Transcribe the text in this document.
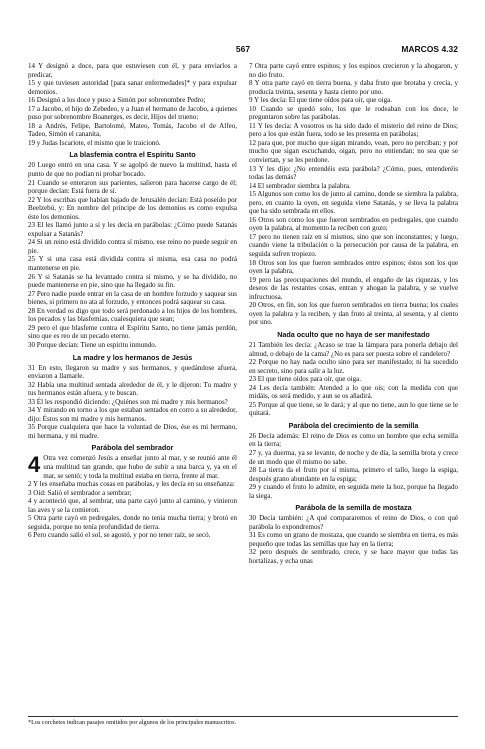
567	MARCOS 4.32

14 Y designó a doce, para que estuviesen con él, y para enviarlos a predicar,

15 y que tuviesen autoridad [para sanar enfermedades]* y para expulsar demonios.

16 Designó a los doce y puso a Simón por sobrenombre Pedro;

17 a Jacobo, el hijo de Zebedeo, y a Juan el hermano de Jacobo, a quienes puso por sobrenombre Boanerges, es decir, Hijos del trueno;

18 a Andrés, Felipe, Bartolomé, Mateo, Tomás, Jacobo el de Alfeo, Tadeo, Simón el cananita,

19 y Judas Iscariote, el mismo que le traicionó.

La blasfemia contra el Espíritu Santo

20 Luego entró en una casa. Y se agolpó de nuevo la multitud, hasta el punto de que no podían ni probar bocado.

21 Cuando se enteraron sus parientes, salieron para hacerse cargo de él; porque decían: Está fuera de sí.

22 Y los escribas que habían bajado de Jerusalén decían: Está poseído por Beelzebú, y: En nombre del príncipe de los demonios es como expulsa éste los demonios.

23 El les llamó junto a sí y les decía en parábolas: ¿Cómo puede Satanás expulsar a Satanás?

24 Si un reino está dividido contra sí mismo, ese reino no puede seguir en pie.

25 Y si una casa está dividida contra sí misma, esa casa no podrá mantenerse en pie.

26 Y si Satanás se ha levantado contra sí mismo, y se ha dividido, no puede mantenerse en pie, sino que ha llegado su fin.

27 Pero nadie puede entrar en la casa de un hombre forzudo y saquear sus bienes, si primero no ata al forzudo, y entonces podrá saquear su casa.

28 En verdad os digo que todo será perdonado a los hijos de los hombres, los pecados y las blasfemias, cualesquiera que sean;

29 pero el que blasfeme contra el Espíritu Santo, no tiene jamás perdón, sino que es reo de un pecado eterno.

30 Porque decían: Tiene un espíritu inmundo.

La madre y los hermanos de Jesús

31 En esto, llegaron su madre y sus hermanos, y quedándose afuera, enviaron a llamarle.

32 Había una multitud sentada alrededor de él, y le dijeron: Tu madre y tus hermanos están afuera, y te buscan.

33 Él les respondió diciendo: ¿Quiénes son mi madre y mis hermanos?

34 Y mirando en torno a los que estaban sentados en corro a su alrededor, dijo: Éstos son mi madre y mis hermanos.

35 Porque cualquiera que hace la voluntad de Dios, ése es mi hermano, mi hermana, y mi madre.

Parábola del sembrador

4 Otra vez comenzó Jesús a enseñar junto al mar, y se reunió ante él una multitud tan grande, que hubo de subir a una barca y, ya en el mar, se sentó; y toda la multitud estaba en tierra, frente al mar.

2 Y les enseñaba muchas cosas en parábolas, y les decía en su enseñanza:

3 Oíd: Salió el sembrador a sembrar;

4 y aconteció que, al sembrar, una parte cayó junto al camino, y vinieron las aves y se la comieron.

5 Otra parte cayó en pedregales, donde no tenía mucha tierra; y brotó en seguida, porque no tenía profundidad de tierra.

6 Pero cuando salió el sol, se agostó, y por no tener raíz, se secó.

7 Otra parte cayó entre espinos; y los espinos crecieron y la ahogaron, y no dio fruto.

8 Y otra parte cayó en tierra buena, y daba fruto que brotaba y crecía, y producía treinta, sesenta y hasta ciento por uno.

9 Y les decía: El que tiene oídos para oír, que oiga.

10 Cuando se quedó solo, los que le rodeaban con los doce, le preguntaron sobre las parábolas.

11 Y les decía: A vosotros os ha sido dado el misterio del reino de Dios; pero a los que están fuera, todo se les presenta en parábolas;

12 para que, por mucho que sigan mirando, vean, pero no perciban; y por mucho que sigan escuchando, oigan, pero no entiendan; no sea que se conviertan, y se les perdone.

13 Y les dijo: ¿No entendéis esta parábola? ¿Cómo, pues, entenderéis todas las demás?

14 El sembrador siembra la palabra.

15 Algunos son como los de junto al camino, donde se siembra la palabra, pero, en cuanto la oyen, en seguida viene Satanás, y se lleva la palabra que ha sido sembrada en ellos.

16 Otros son como los que fueron sembrados en pedregales, que cuando oyen la palabra, al momento la reciben con gozo;

17 pero no tienen raíz en sí mismos, sino que son inconstantes; y luego, cuando viene la tribulación o la persecución por causa de la palabra, en seguida sufren tropiezo.

18 Otros son los que fueron sembrados entre espinos; éstos son los que oyen la palabra,

19 pero las preocupaciones del mundo, el engaño de las riquezas, y los deseos de las restantes cosas, entran y ahogan la palabra, y se vuelve infructuosa.

20 Otros, en fin, son los que fueron sembrados en tierra buena; los cuales oyen la palabra y la reciben, y dan fruto al treinta, al sesenta, y al ciento por uno.

Nada oculto que no haya de ser manifestado

21 También les decía: ¿Acaso se trae la lámpara para ponerla debajo del almud, o debajo de la cama? ¿No es para ser puesta sobre el candelero?

22 Porque no hay nada oculto sino para ser manifestado; ni ha sucedido en secreto, sino para salir a la luz.

23 El que tiene oídos para oír, que oiga.

24 Les decía también: Atended a lo que oís; con la medida con que midáis, os será medido, y aun se os añadirá.

25 Porque al que tiene, se le dará; y al que no tiene, aun lo que tiene se le quitará.

Parábola del crecimiento de la semilla

26 Decía además: El reino de Dios es como un hombre que echa semilla en la tierra;

27 y, ya duerma, ya se levante, de noche y de día, la semilla brota y crece de un modo que él mismo no sabe.

28 La tierra da el fruto por sí misma, primero el tallo, luego la espiga, después grano abundante en la espiga;

29 y cuando el fruto lo admite, en seguida mete la hoz, porque ha llegado la siega.

Parábola de la semilla de mostaza

30 Decía también: ¿A qué compararemos el reino de Dios, o con qué parábola lo expondremos?

31 Es como un grano de mostaza, que cuando se siembra en tierra, es más pequeño que todas las semillas que hay en la tierra;

32 pero después de sembrado, crece, y se hace mayor que todas las hortalizas, y echa unas

*Los corchetes indican pasajes omitidos por algunos de los principales manuscritos.
